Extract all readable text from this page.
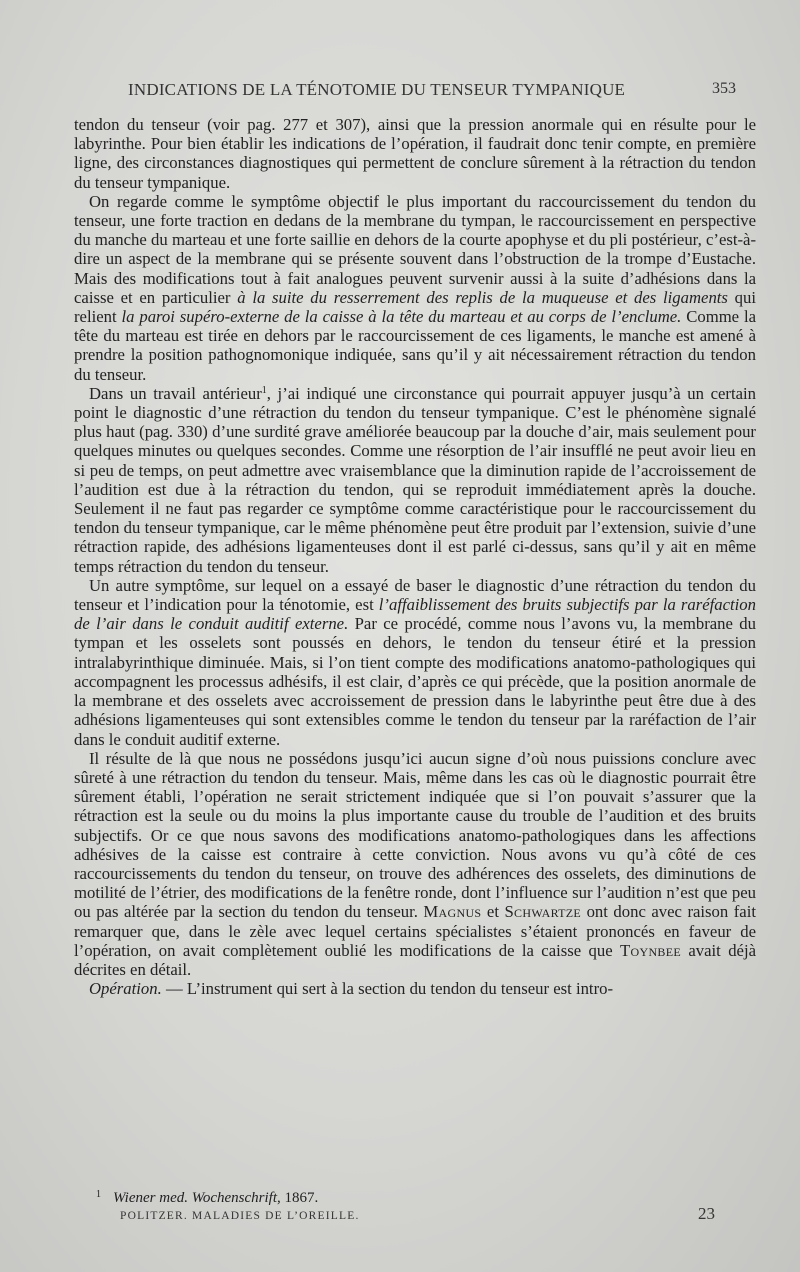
INDICATIONS DE LA TÉNOTOMIE DU TENSEUR TYMPANIQUE	353

tendon du tenseur (voir pag. 277 et 307), ainsi que la pression anormale qui en résulte pour le labyrinthe. Pour bien établir les indications de l’opération, il faudrait donc tenir compte, en première ligne, des circonstances diagnostiques qui permettent de conclure sûrement à la rétraction du tendon du tenseur tympanique.

On regarde comme le symptôme objectif le plus important du raccourcissement du tendon du tenseur, une forte traction en dedans de la membrane du tympan, le raccourcissement en perspective du manche du marteau et une forte saillie en dehors de la courte apophyse et du pli postérieur, c’est-à-dire un aspect de la membrane qui se présente souvent dans l’obstruction de la trompe d’Eustache. Mais des modifications tout à fait analogues peuvent survenir aussi à la suite d’adhésions dans la caisse et en particulier à la suite du resserrement des replis de la muqueuse et des ligaments qui relient la paroi supéro-externe de la caisse à la tête du marteau et au corps de l’enclume. Comme la tête du marteau est tirée en dehors par le raccourcissement de ces ligaments, le manche est amené à prendre la position pathognomonique indiquée, sans qu’il y ait nécessairement rétraction du tendon du tenseur.

Dans un travail antérieur$^1$, j’ai indiqué une circonstance qui pourrait appuyer jusqu’à un certain point le diagnostic d’une rétraction du tendon du tenseur tympanique. C’est le phénomène signalé plus haut (pag. 330) d’une surdité grave améliorée beaucoup par la douche d’air, mais seulement pour quelques minutes ou quelques secondes. Comme une résorption de l’air insufflé ne peut avoir lieu en si peu de temps, on peut admettre avec vraisemblance que la diminution rapide de l’accroissement de l’audition est due à la rétraction du tendon, qui se reproduit immédiatement après la douche. Seulement il ne faut pas regarder ce symptôme comme caractéristique pour le raccourcissement du tendon du tenseur tympanique, car le même phénomène peut être produit par l’extension, suivie d’une rétraction rapide, des adhésions ligamenteuses dont il est parlé ci-dessus, sans qu’il y ait en même temps rétraction du tendon du tenseur.

Un autre symptôme, sur lequel on a essayé de baser le diagnostic d’une rétraction du tendon du tenseur et l’indication pour la ténotomie, est l’affaiblissement des bruits subjectifs par la raréfaction de l’air dans le conduit auditif externe. Par ce procédé, comme nous l’avons vu, la membrane du tympan et les osselets sont poussés en dehors, le tendon du tenseur étiré et la pression intralabyrinthique diminuée. Mais, si l’on tient compte des modifications anatomo-pathologiques qui accompagnent les processus adhésifs, il est clair, d’après ce qui précède, que la position anormale de la membrane et des osselets avec accroissement de pression dans le labyrinthe peut être due à des adhésions ligamenteuses qui sont extensibles comme le tendon du tenseur par la raréfaction de l’air dans le conduit auditif externe.

Il résulte de là que nous ne possédons jusqu’ici aucun signe d’où nous puissions conclure avec sûreté à une rétraction du tendon du tenseur. Mais, même dans les cas où le diagnostic pourrait être sûrement établi, l’opération ne serait strictement indiquée que si l’on pouvait s’assurer que la rétraction est la seule ou du moins la plus importante cause du trouble de l’audition et des bruits subjectifs. Or ce que nous savons des modifications anatomo-pathologiques dans les affections adhésives de la caisse est contraire à cette conviction. Nous avons vu qu’à côté de ces raccourcissements du tendon du tenseur, on trouve des adhérences des osselets, des diminutions de motilité de l’étrier, des modifications de la fenêtre ronde, dont l’influence sur l’audition n’est que peu ou pas altérée par la section du tendon du tenseur. Magnus et Schwartze ont donc avec raison fait remarquer que, dans le zèle avec lequel certains spécialistes s’étaient prononcés en faveur de l’opération, on avait complètement oublié les modifications de la caisse que Toynbee avait déjà décrites en détail.

Opération. — L’instrument qui sert à la section du tendon du tenseur est intro-

$^1$ Wiener med. Wochenschrift, 1867.
POLITZER. MALADIES DE L’OREILLE.	23
